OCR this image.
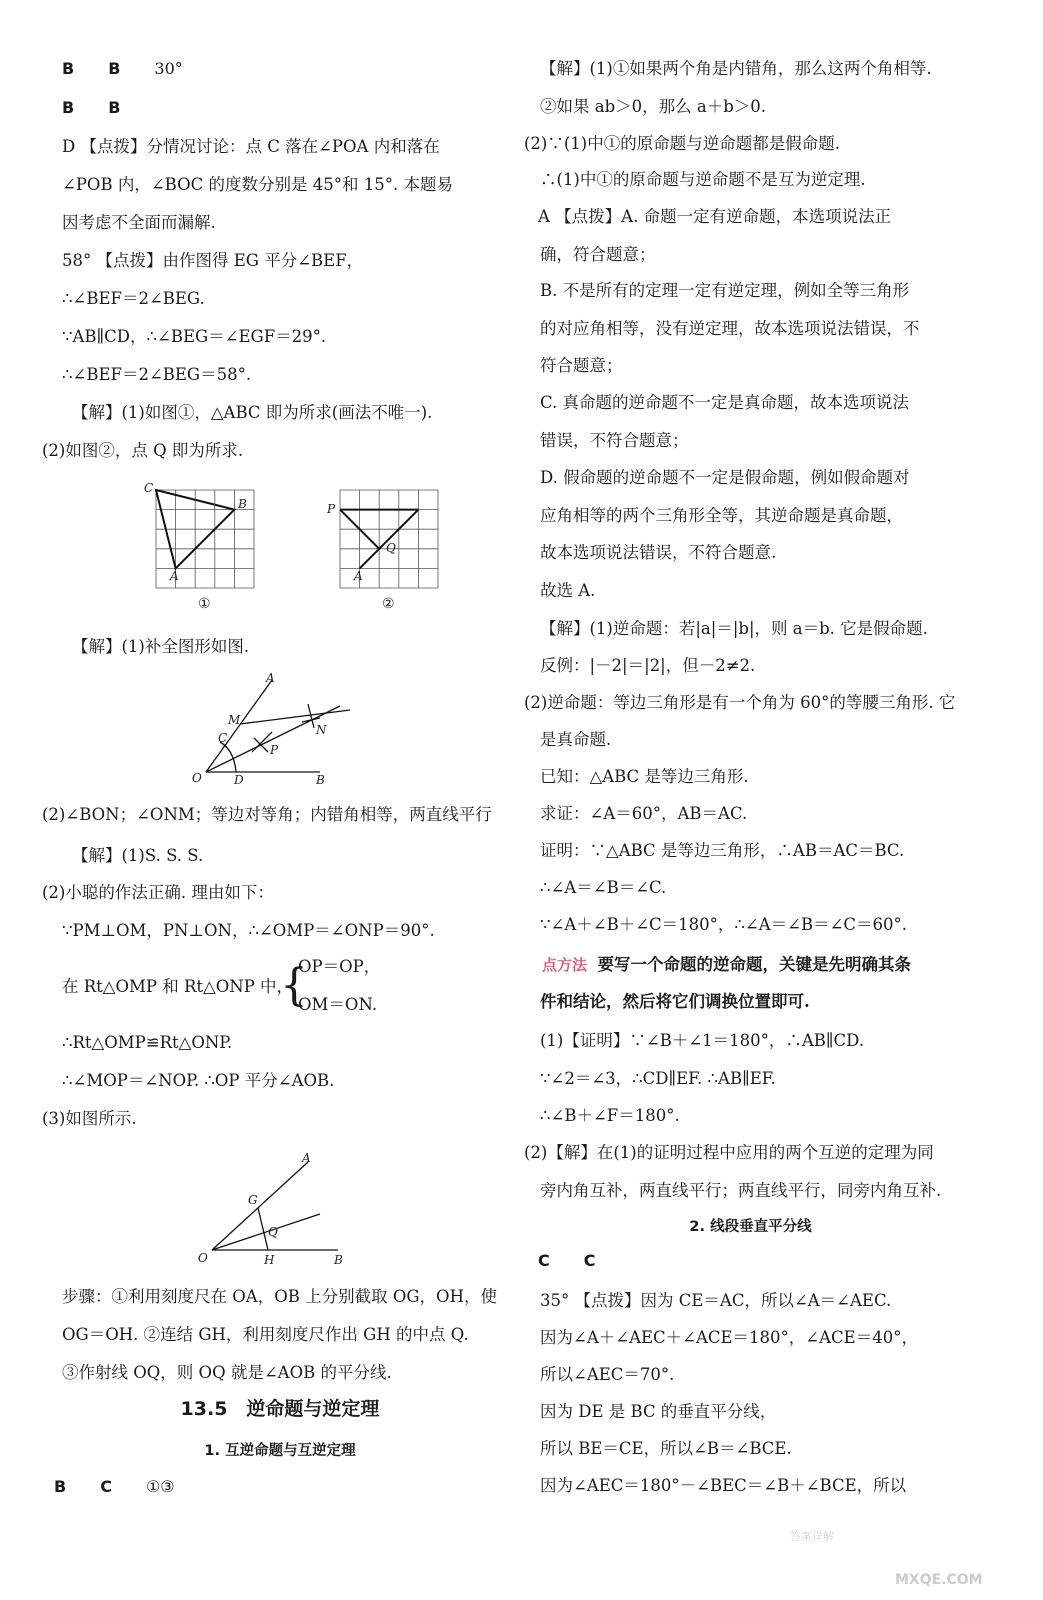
B B 30°
B B
D 【点拨】分情况讨论：点 C 落在∠POA 内和落在
∠POB 内，∠BOC 的度数分别是 45°和 15°. 本题易
因考虑不全面而漏解.
58° 【点拨】由作图得 EG 平分∠BEF，
∴∠BEF＝2∠BEG.
∵AB∥CD，∴∠BEG＝∠EGF＝29°.
∴∠BEF＝2∠BEG＝58°.
【解】(1)如图①，△ABC 即为所求(画法不唯一).
(2)如图②，点 Q 即为所求.
C
B
A
①
P
Q
A
②
【解】(1)补全图形如图.
A
M
C
N
P
O	D	B
(2)∠BON；∠ONM；等边对等角；内错角相等，两直线平行
【解】(1)S. S. S.
(2)小聪的作法正确. 理由如下：
∵PM⊥OM，PN⊥ON，∴∠OMP＝∠ONP＝90°.
在 Rt△OMP 和 Rt△ONP 中，
{
OP＝OP，
OM＝ON.
∴Rt△OMP≌Rt△ONP.
∴∠MOP＝∠NOP. ∴OP 平分∠AOB.
(3)如图所示.
A
G
Q
O	H	B
步骤：①利用刻度尺在 OA，OB 上分别截取 OG，OH，使
OG＝OH. ②连结 GH，利用刻度尺作出 GH 的中点 Q.
③作射线 OQ，则 OQ 就是∠AOB 的平分线.
13.5　逆命题与逆定理
1. 互逆命题与互逆定理
B C ①③
【解】(1)①如果两个角是内错角，那么这两个角相等.
②如果 ab＞0，那么 a＋b＞0.
(2)∵(1)中①的原命题与逆命题都是假命题.
∴(1)中①的原命题与逆命题不是互为逆定理.
A 【点拨】A. 命题一定有逆命题，本选项说法正
确，符合题意；
B. 不是所有的定理一定有逆定理，例如全等三角形
的对应角相等，没有逆定理，故本选项说法错误，不
符合题意；
C. 真命题的逆命题不一定是真命题，故本选项说法
错误，不符合题意；
D. 假命题的逆命题不一定是假命题，例如假命题对
应角相等的两个三角形全等，其逆命题是真命题，
故本选项说法错误，不符合题意.
故选 A.
【解】(1)逆命题：若|a|＝|b|，则 a＝b. 它是假命题.
反例：|－2|＝|2|，但－2≠2.
(2)逆命题：等边三角形是有一个角为 60°的等腰三角形. 它
是真命题.
已知：△ABC 是等边三角形.
求证：∠A＝60°，AB＝AC.
证明：∵△ABC 是等边三角形，∴AB＝AC＝BC.
∴∠A＝∠B＝∠C.
∵∠A＋∠B＋∠C＝180°，∴∠A＝∠B＝∠C＝60°.
点方法 要写一个命题的逆命题，关键是先明确其条
件和结论，然后将它们调换位置即可.
(1)【证明】∵∠B＋∠1＝180°，∴AB∥CD.
∵∠2＝∠3，∴CD∥EF. ∴AB∥EF.
∴∠B＋∠F＝180°.
(2)【解】在(1)的证明过程中应用的两个互逆的定理为同
旁内角互补，两直线平行；两直线平行，同旁内角互补.
2. 线段垂直平分线
C C
35° 【点拨】因为 CE＝AC，所以∠A＝∠AEC.
因为∠A＋∠AEC＋∠ACE＝180°，∠ACE＝40°，
所以∠AEC＝70°.
因为 DE 是 BC 的垂直平分线，
所以 BE＝CE，所以∠B＝∠BCE.
因为∠AEC＝180°－∠BEC＝∠B＋∠BCE，所以
答案详解
MXQE.COM
